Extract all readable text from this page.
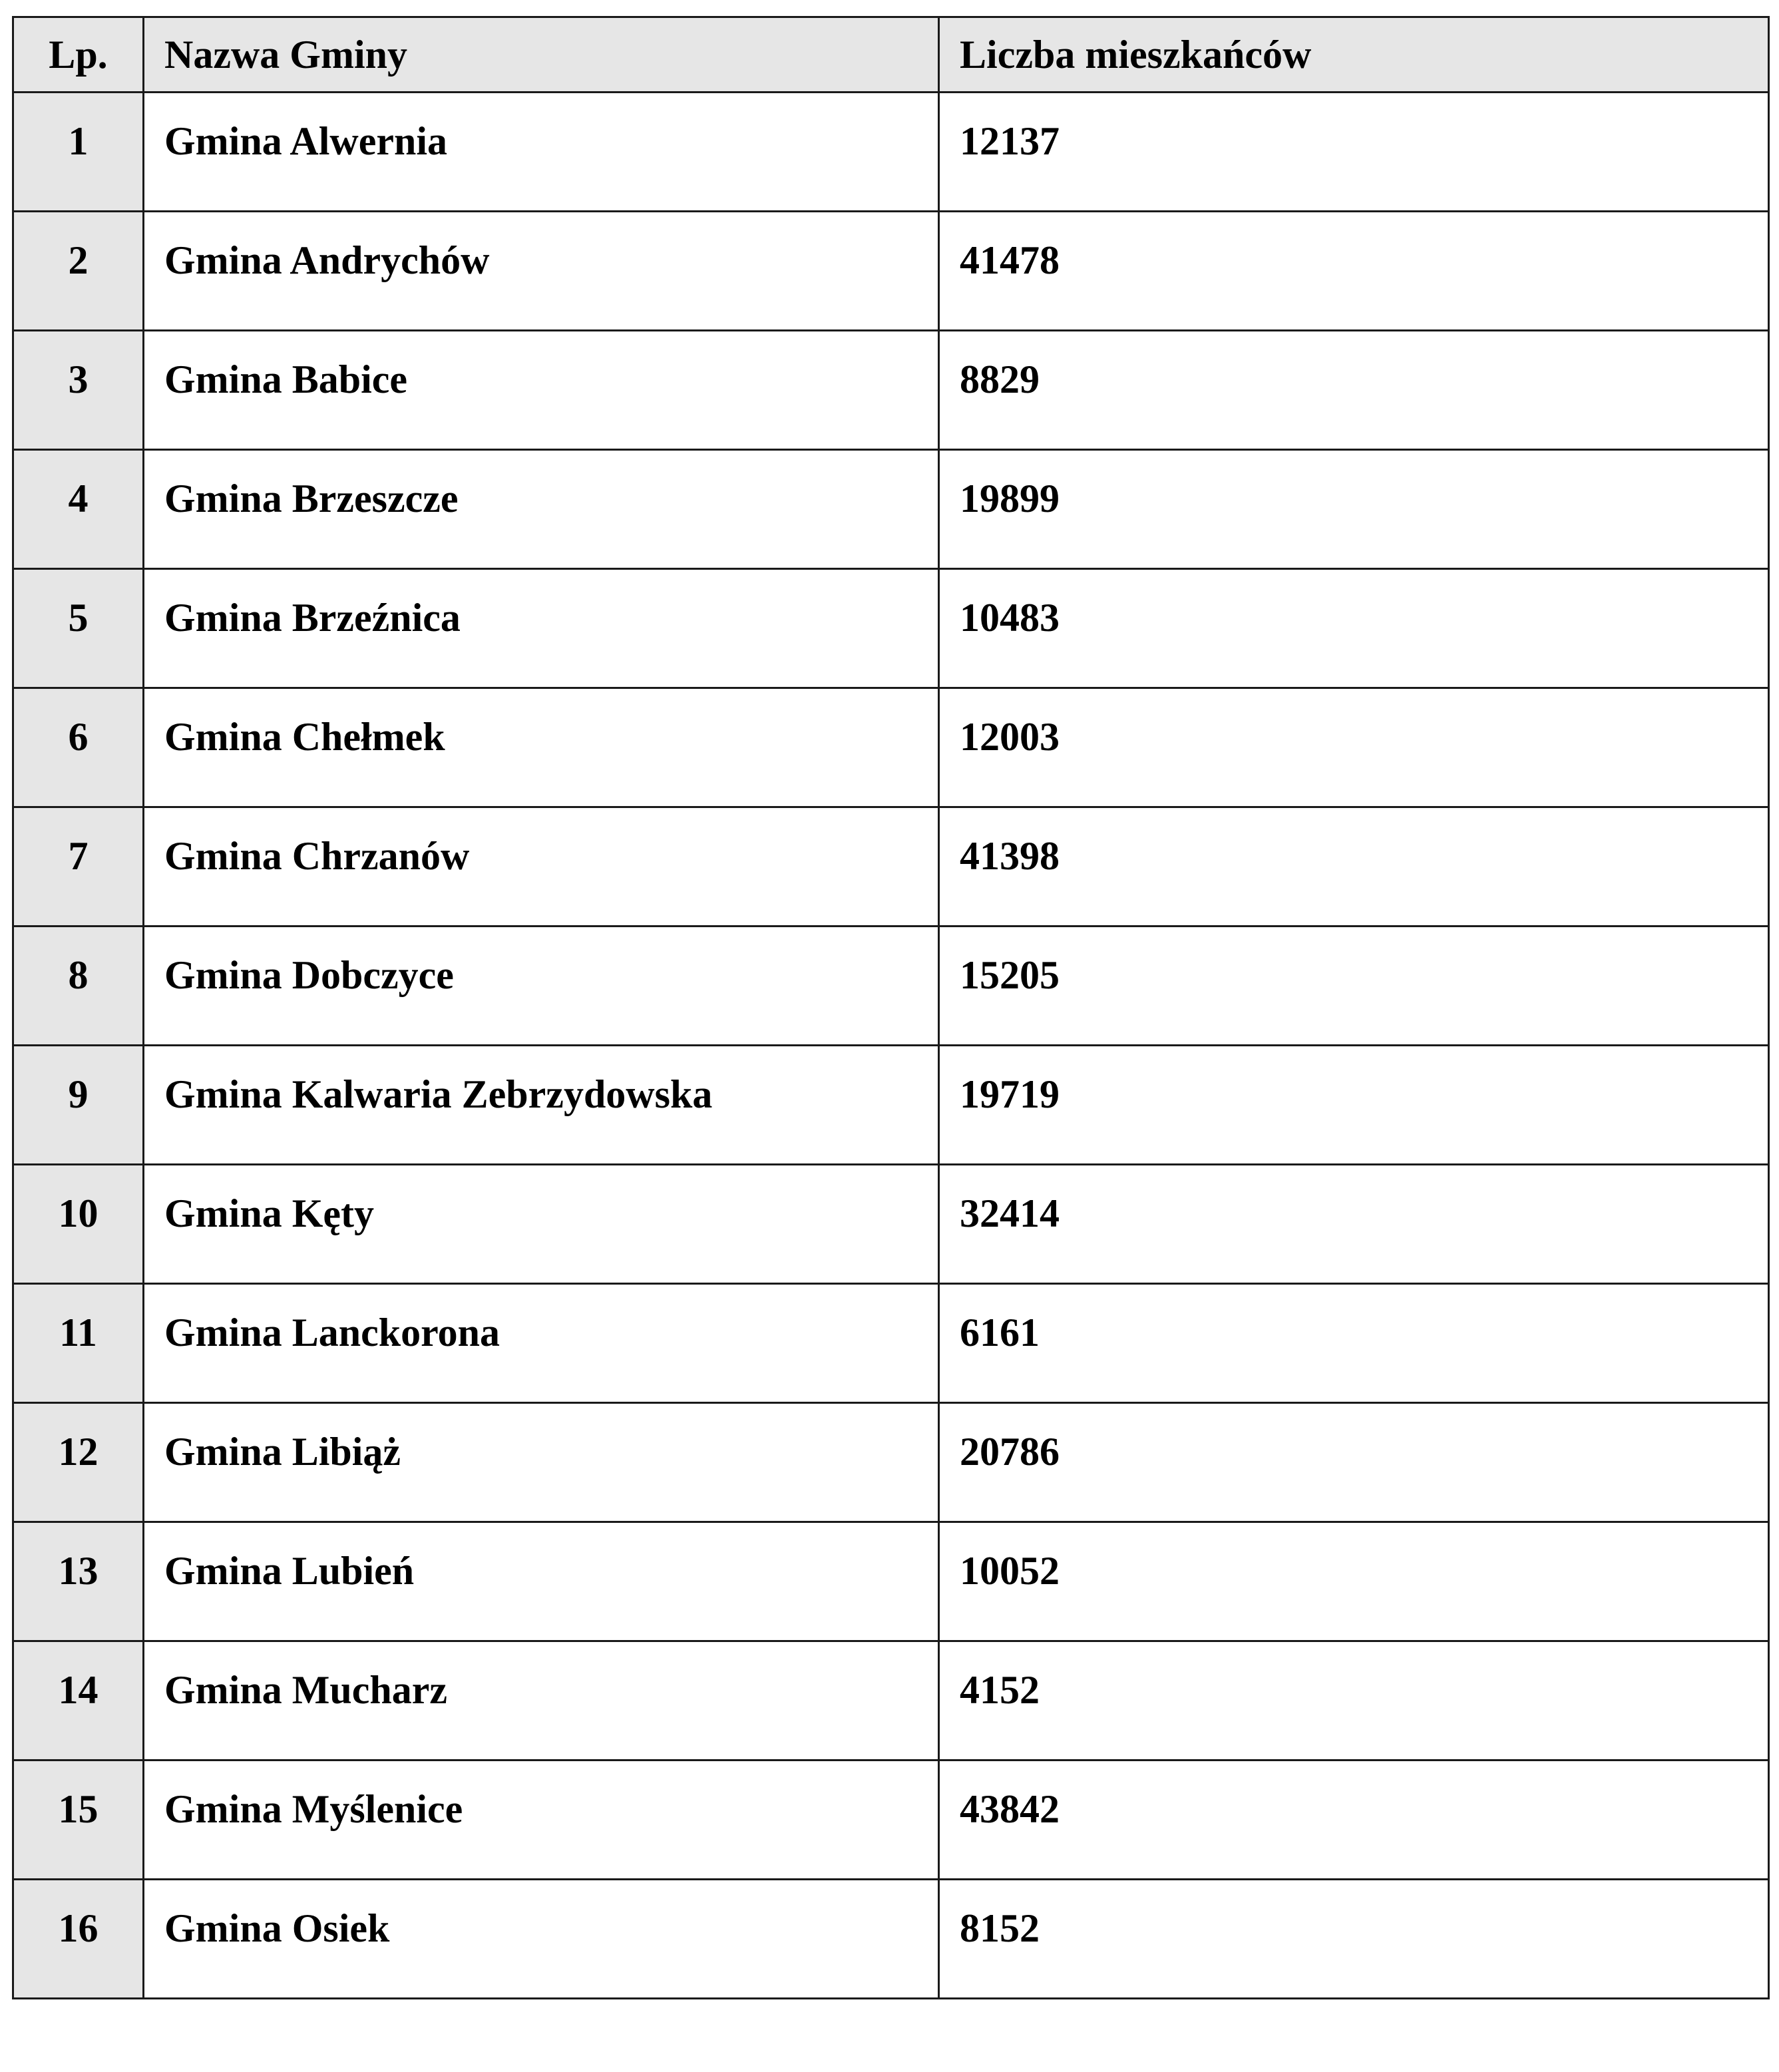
Lp.	Nazwa Gminy	Liczba mieszkańców
1	Gmina Alwernia	12137
2	Gmina Andrychów	41478
3	Gmina Babice	8829
4	Gmina Brzeszcze	19899
5	Gmina Brzeźnica	10483
6	Gmina Chełmek	12003
7	Gmina Chrzanów	41398
8	Gmina Dobczyce	15205
9	Gmina Kalwaria Zebrzydowska	19719
10	Gmina Kęty	32414
11	Gmina Lanckorona	6161
12	Gmina Libiąż	20786
13	Gmina Lubień	10052
14	Gmina Mucharz	4152
15	Gmina Myślenice	43842
16	Gmina Osiek	8152
